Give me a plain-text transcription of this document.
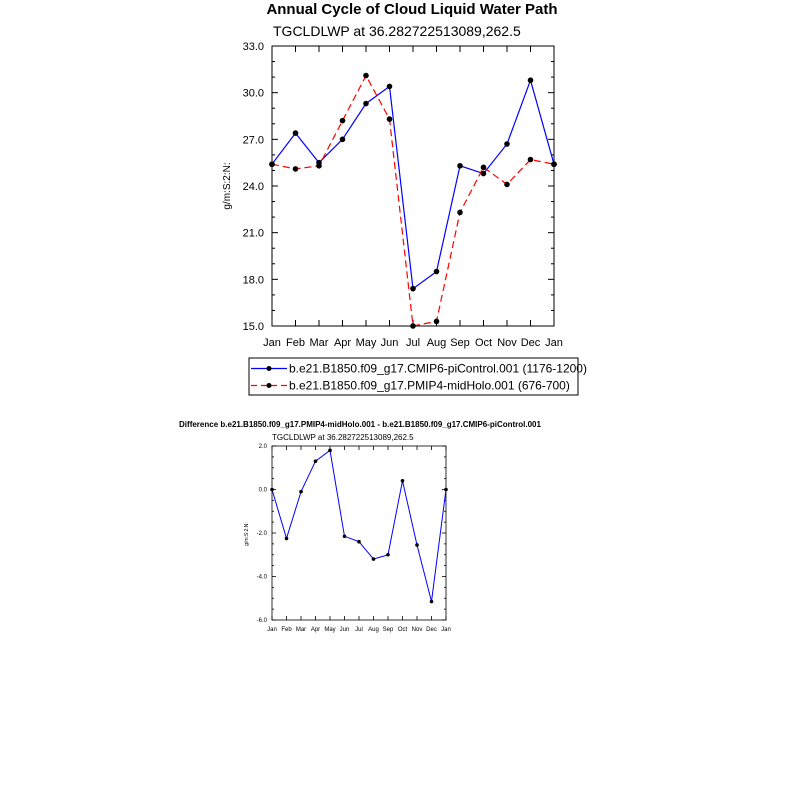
Annual Cycle of Cloud Liquid Water Path
TGCLDLWP at 36.282722513089,262.5
g/m:S:2:N:
15.0
18.0
21.0
24.0
27.0
30.0
33.0
Jan Feb Mar Apr May Jun Jul Aug Sep Oct Nov Dec Jan
b.e21.B1850.f09_g17.CMIP6-piControl.001 (1176-1200)
b.e21.B1850.f09_g17.PMIP4-midHolo.001 (676-700)
Difference b.e21.B1850.f09_g17.PMIP4-midHolo.001 - b.e21.B1850.f09_g17.CMIP6-piControl.001
TGCLDLWP at 36.282722513089,262.5
g/m:S:2:N:
-6.0
-4.0
-2.0
0.0
2.0
Jan Feb Mar Apr May Jun Jul Aug Sep Oct Nov Dec Jan
